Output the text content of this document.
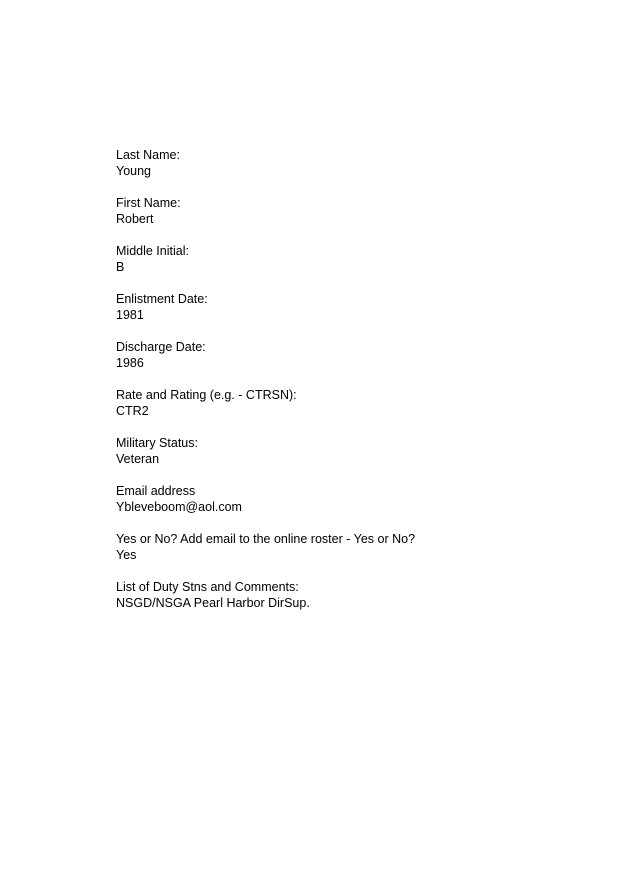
Last Name:
Young
First Name:
Robert
Middle Initial:
B
Enlistment Date:
1981
Discharge Date:
1986
Rate and Rating (e.g. - CTRSN):
CTR2
Military Status:
Veteran
Email address
Ybleveboom@aol.com
Yes or No? Add email to the online roster - Yes or No?
Yes
List of Duty Stns and Comments:
NSGD/NSGA Pearl Harbor DirSup.
